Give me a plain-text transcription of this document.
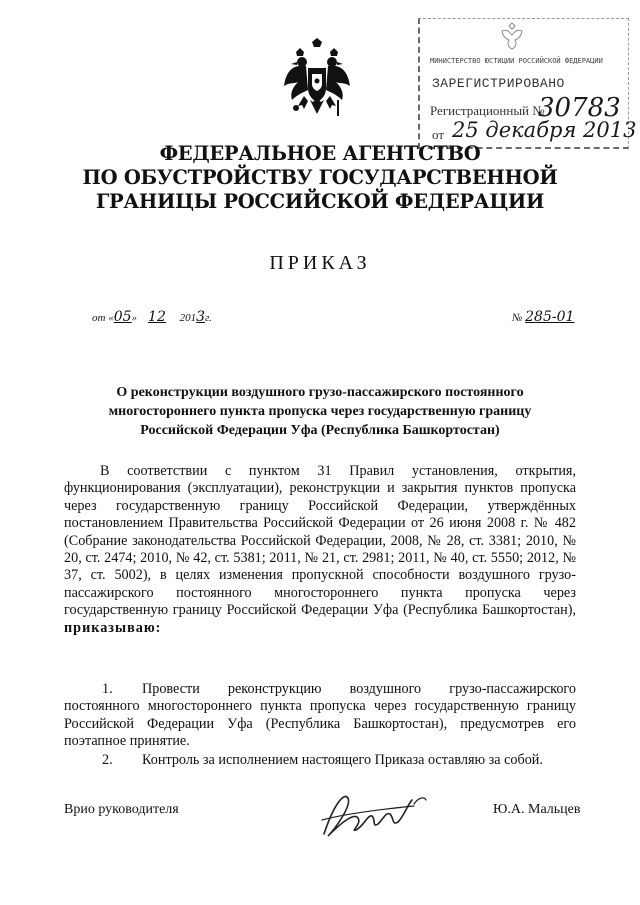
МИНИСТЕРСТВО ЮСТИЦИИ РОССИЙСКОЙ ФЕДЕРАЦИИ
ЗАРЕГИСТРИРОВАНО
Регистрационный №
30783
от 25 декабря 2013
ФЕДЕРАЛЬНОЕ АГЕНТСТВО
ПО ОБУСТРОЙСТВУ ГОСУДАРСТВЕННОЙ
ГРАНИЦЫ РОССИЙСКОЙ ФЕДЕРАЦИИ
ПРИКАЗ
от «05» 12 2013г.	№ 285-01
О реконструкции воздушного грузо-пассажирского постоянного
многостороннего пункта пропуска через государственную границу
Российской Федерации Уфа (Республика Башкортостан)
В соответствии с пунктом 31 Правил установления, открытия, функционирования (эксплуатации), реконструкции и закрытия пунктов пропуска через государственную границу Российской Федерации, утверждённых постановлением Правительства Российской Федерации от 26 июня 2008 г. № 482 (Собрание законодательства Российской Федерации, 2008, № 28, ст. 3381; 2010, № 20, ст. 2474; 2010, № 42, ст. 5381; 2011, № 21, ст. 2981; 2011, № 40, ст. 5550; 2012, № 37, ст. 5002), в целях изменения пропускной способности воздушного грузо-пассажирского постоянного многостороннего пункта пропуска через государственную границу Российской Федерации Уфа (Республика Башкортостан), приказываю:
1. Провести реконструкцию воздушного грузо-пассажирского постоянного многостороннего пункта пропуска через государственную границу Российской Федерации Уфа (Республика Башкортостан), предусмотрев его поэтапное принятие.
2. Контроль за исполнением настоящего Приказа оставляю за собой.
Врио руководителя	Ю.А. Мальцев
